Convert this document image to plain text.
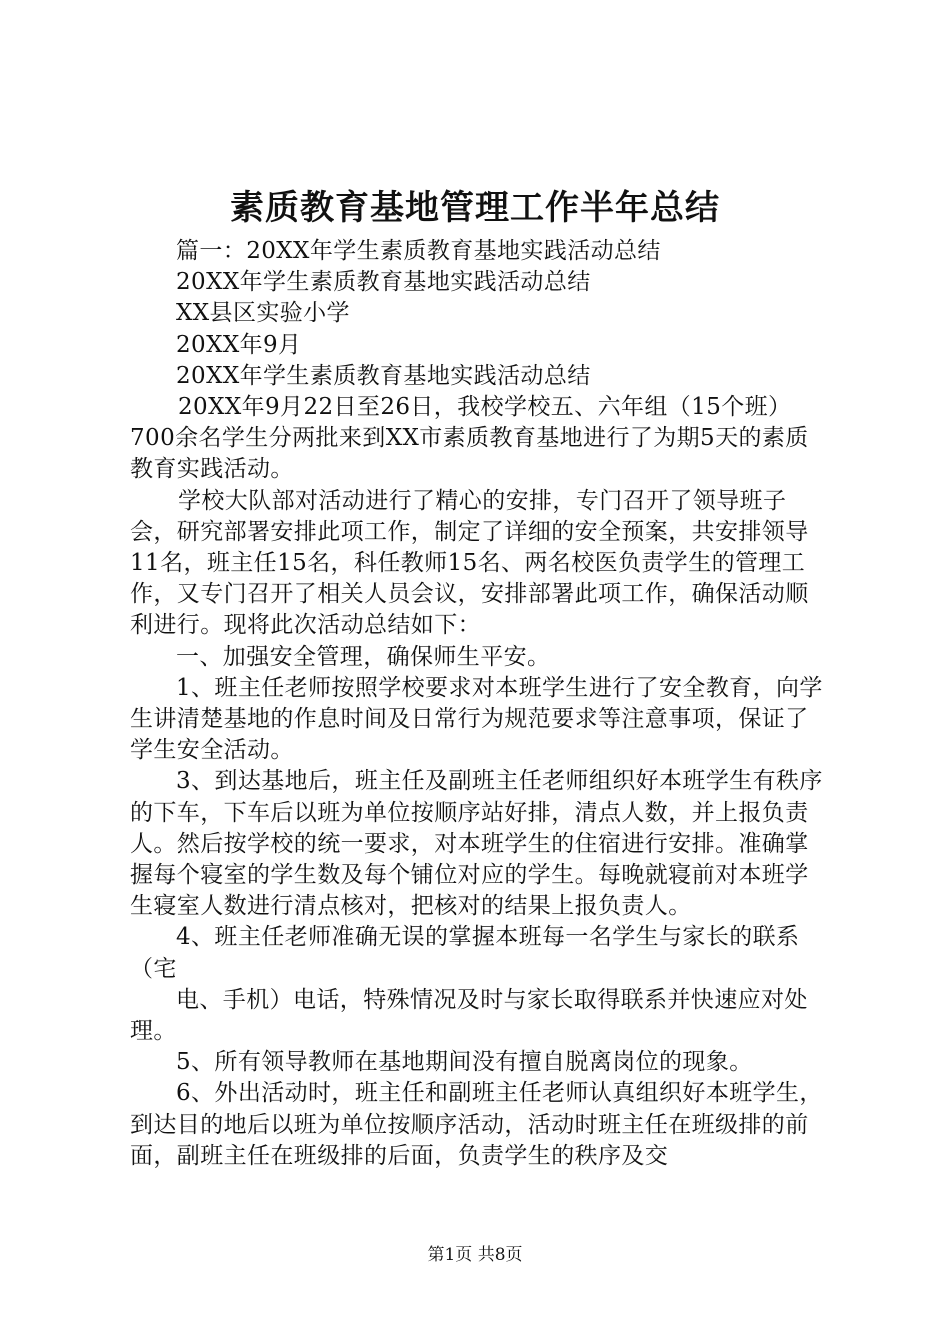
素质教育基地管理工作半年总结

篇一：20XX年学生素质教育基地实践活动总结

20XX年学生素质教育基地实践活动总结

XX县区实验小学

20XX年9月

20XX年学生素质教育基地实践活动总结

20XX年9月22日至26日，我校学校五、六年组（15个班）700余名学生分两批来到XX市素质教育基地进行了为期5天的素质教育实践活动。

学校大队部对活动进行了精心的安排，专门召开了领导班子会，研究部署安排此项工作，制定了详细的安全预案，共安排领导11名，班主任15名，科任教师15名、两名校医负责学生的管理工作，又专门召开了相关人员会议，安排部署此项工作，确保活动顺利进行。现将此次活动总结如下：

一、加强安全管理，确保师生平安。

1、班主任老师按照学校要求对本班学生进行了安全教育，向学生讲清楚基地的作息时间及日常行为规范要求等注意事项，保证了学生安全活动。

3、到达基地后，班主任及副班主任老师组织好本班学生有秩序的下车，下车后以班为单位按顺序站好排，清点人数，并上报负责人。然后按学校的统一要求，对本班学生的住宿进行安排。准确掌握每个寝室的学生数及每个铺位对应的学生。每晚就寝前对本班学生寝室人数进行清点核对，把核对的结果上报负责人。

4、班主任老师准确无误的掌握本班每一名学生与家长的联系（宅

电、手机）电话，特殊情况及时与家长取得联系并快速应对处理。

5、所有领导教师在基地期间没有擅自脱离岗位的现象。

6、外出活动时，班主任和副班主任老师认真组织好本班学生，到达目的地后以班为单位按顺序活动，活动时班主任在班级排的前面，副班主任在班级排的后面，负责学生的秩序及交

第1页 共8页
